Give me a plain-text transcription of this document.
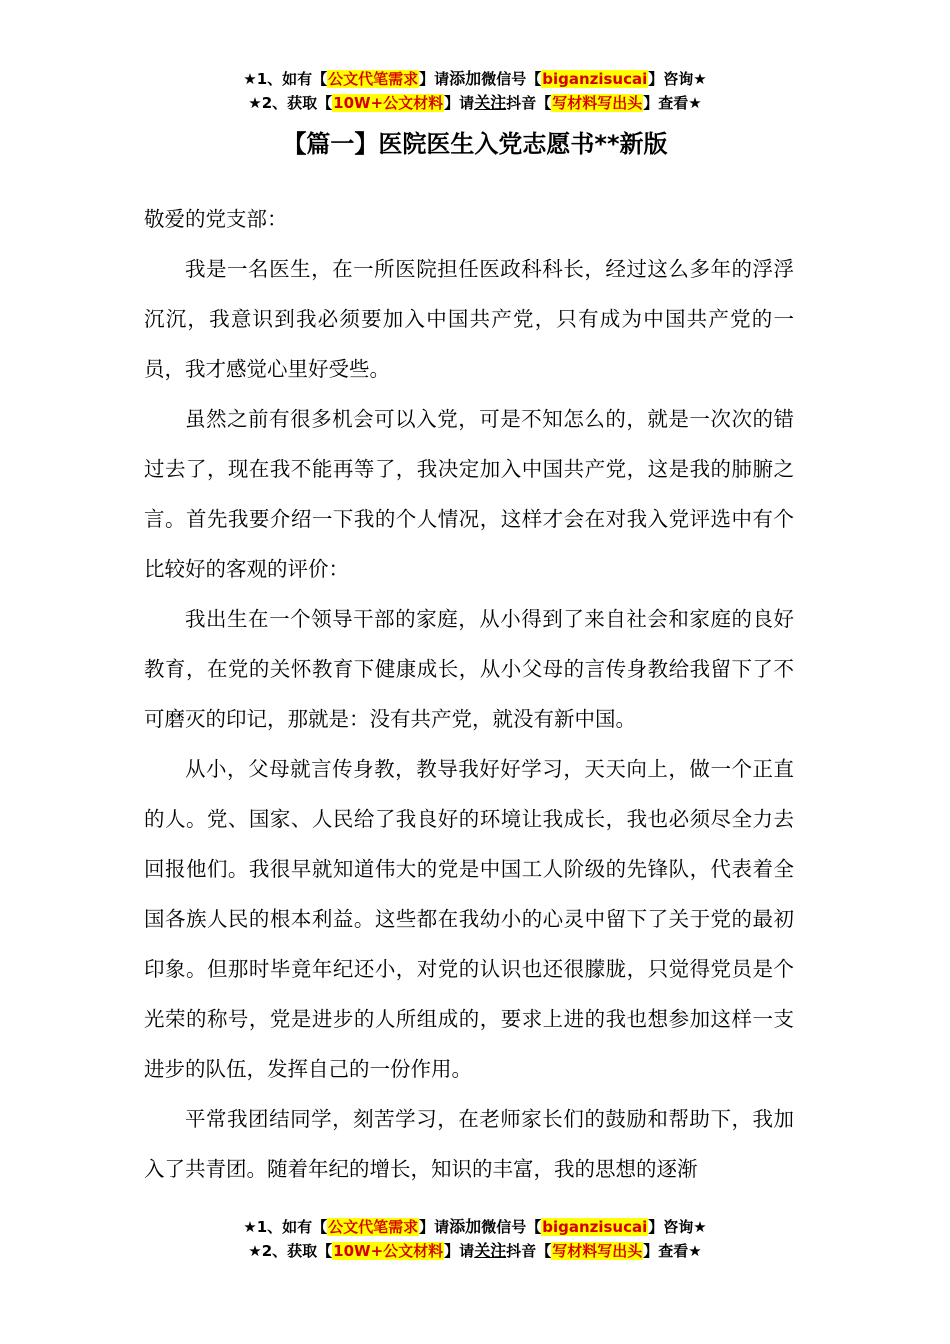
★1、如有【公文代笔需求】请添加微信号【biganzisucai】咨询★
★2、获取【10W+公文材料】请关注抖音【写材料写出头】查看★
【篇一】医院医生入党志愿书**新版

敬爱的党支部：

我是一名医生，在一所医院担任医政科科长，经过这么多年的浮浮沉沉，我意识到我必须要加入中国共产党，只有成为中国共产党的一员，我才感觉心里好受些。

虽然之前有很多机会可以入党，可是不知怎么的，就是一次次的错过去了，现在我不能再等了，我决定加入中国共产党，这是我的肺腑之言。首先我要介绍一下我的个人情况，这样才会在对我入党评选中有个比较好的客观的评价：

我出生在一个领导干部的家庭，从小得到了来自社会和家庭的良好教育，在党的关怀教育下健康成长，从小父母的言传身教给我留下了不可磨灭的印记，那就是：没有共产党，就没有新中国。

从小，父母就言传身教，教导我好好学习，天天向上，做一个正直的人。党、国家、人民给了我良好的环境让我成长，我也必须尽全力去回报他们。我很早就知道伟大的党是中国工人阶级的先锋队，代表着全国各族人民的根本利益。这些都在我幼小的心灵中留下了关于党的最初印象。但那时毕竟年纪还小，对党的认识也还很朦胧，只觉得党员是个光荣的称号，党是进步的人所组成的，要求上进的我也想参加这样一支进步的队伍，发挥自己的一份作用。

平常我团结同学，刻苦学习，在老师家长们的鼓励和帮助下，我加入了共青团。随着年纪的增长，知识的丰富，我的思想的逐渐

★1、如有【公文代笔需求】请添加微信号【biganzisucai】咨询★
★2、获取【10W+公文材料】请关注抖音【写材料写出头】查看★
